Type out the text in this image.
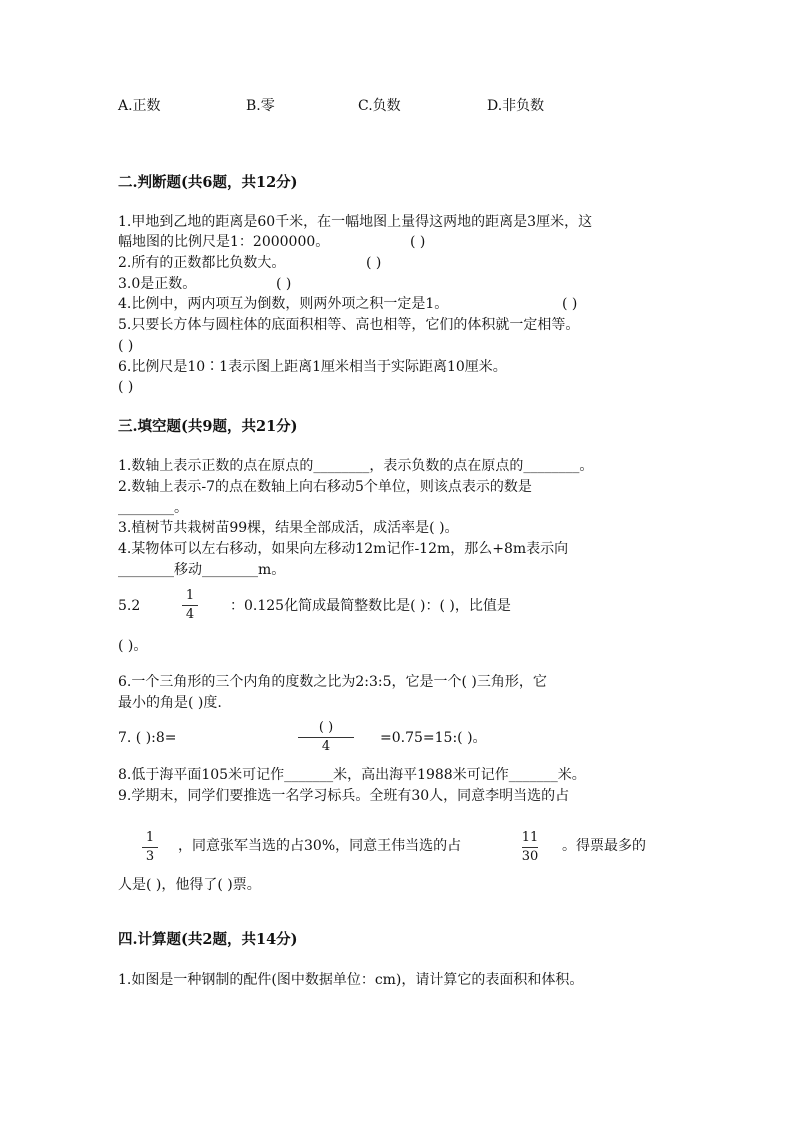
A.正数	B.零	C.负数	D.非负数
二.判断题(共6题，共12分)
1.甲地到乙地的距离是60千米，在一幅地图上量得这两地的距离是3厘米，这
幅地图的比例尺是1：2000000。	( )
2.所有的正数都比负数大。	( )
3.0是正数。	( )
4.比例中，两内项互为倒数，则两外项之积一定是1。	( )
5.只要长方体与圆柱体的底面积相等、高也相等，它们的体积就一定相等。
( )
6.比例尺是10∶1表示图上距离1厘米相当于实际距离10厘米。
( )
三.填空题(共9题，共21分)
1.数轴上表示正数的点在原点的________，表示负数的点在原点的________。
2.数轴上表示-7的点在数轴上向右移动5个单位，则该点表示的数是
________。
3.植树节共栽树苗99棵，结果全部成活，成活率是( )。
4.某物体可以左右移动，如果向左移动12m记作-12m，那么+8m表示向
________移动________m。
5.2
1
4
：0.125化简成最简整数比是( )：( )，比值是
( )。
6.一个三角形的三个内角的度数之比为2:3:5，它是一个( )三角形，它
最小的角是( )度.
7. ( ):8=
( )
4
=0.75=15:( )。
8.低于海平面105米可记作_______米，高出海平1988米可记作_______米。
9.学期末，同学们要推选一名学习标兵。全班有30人，同意李明当选的占
1
3
，同意张军当选的占30%，同意王伟当选的占
11
30
。得票最多的
人是( )，他得了( )票。
四.计算题(共2题，共14分)
1.如图是一种钢制的配件(图中数据单位：cm)，请计算它的表面积和体积。
